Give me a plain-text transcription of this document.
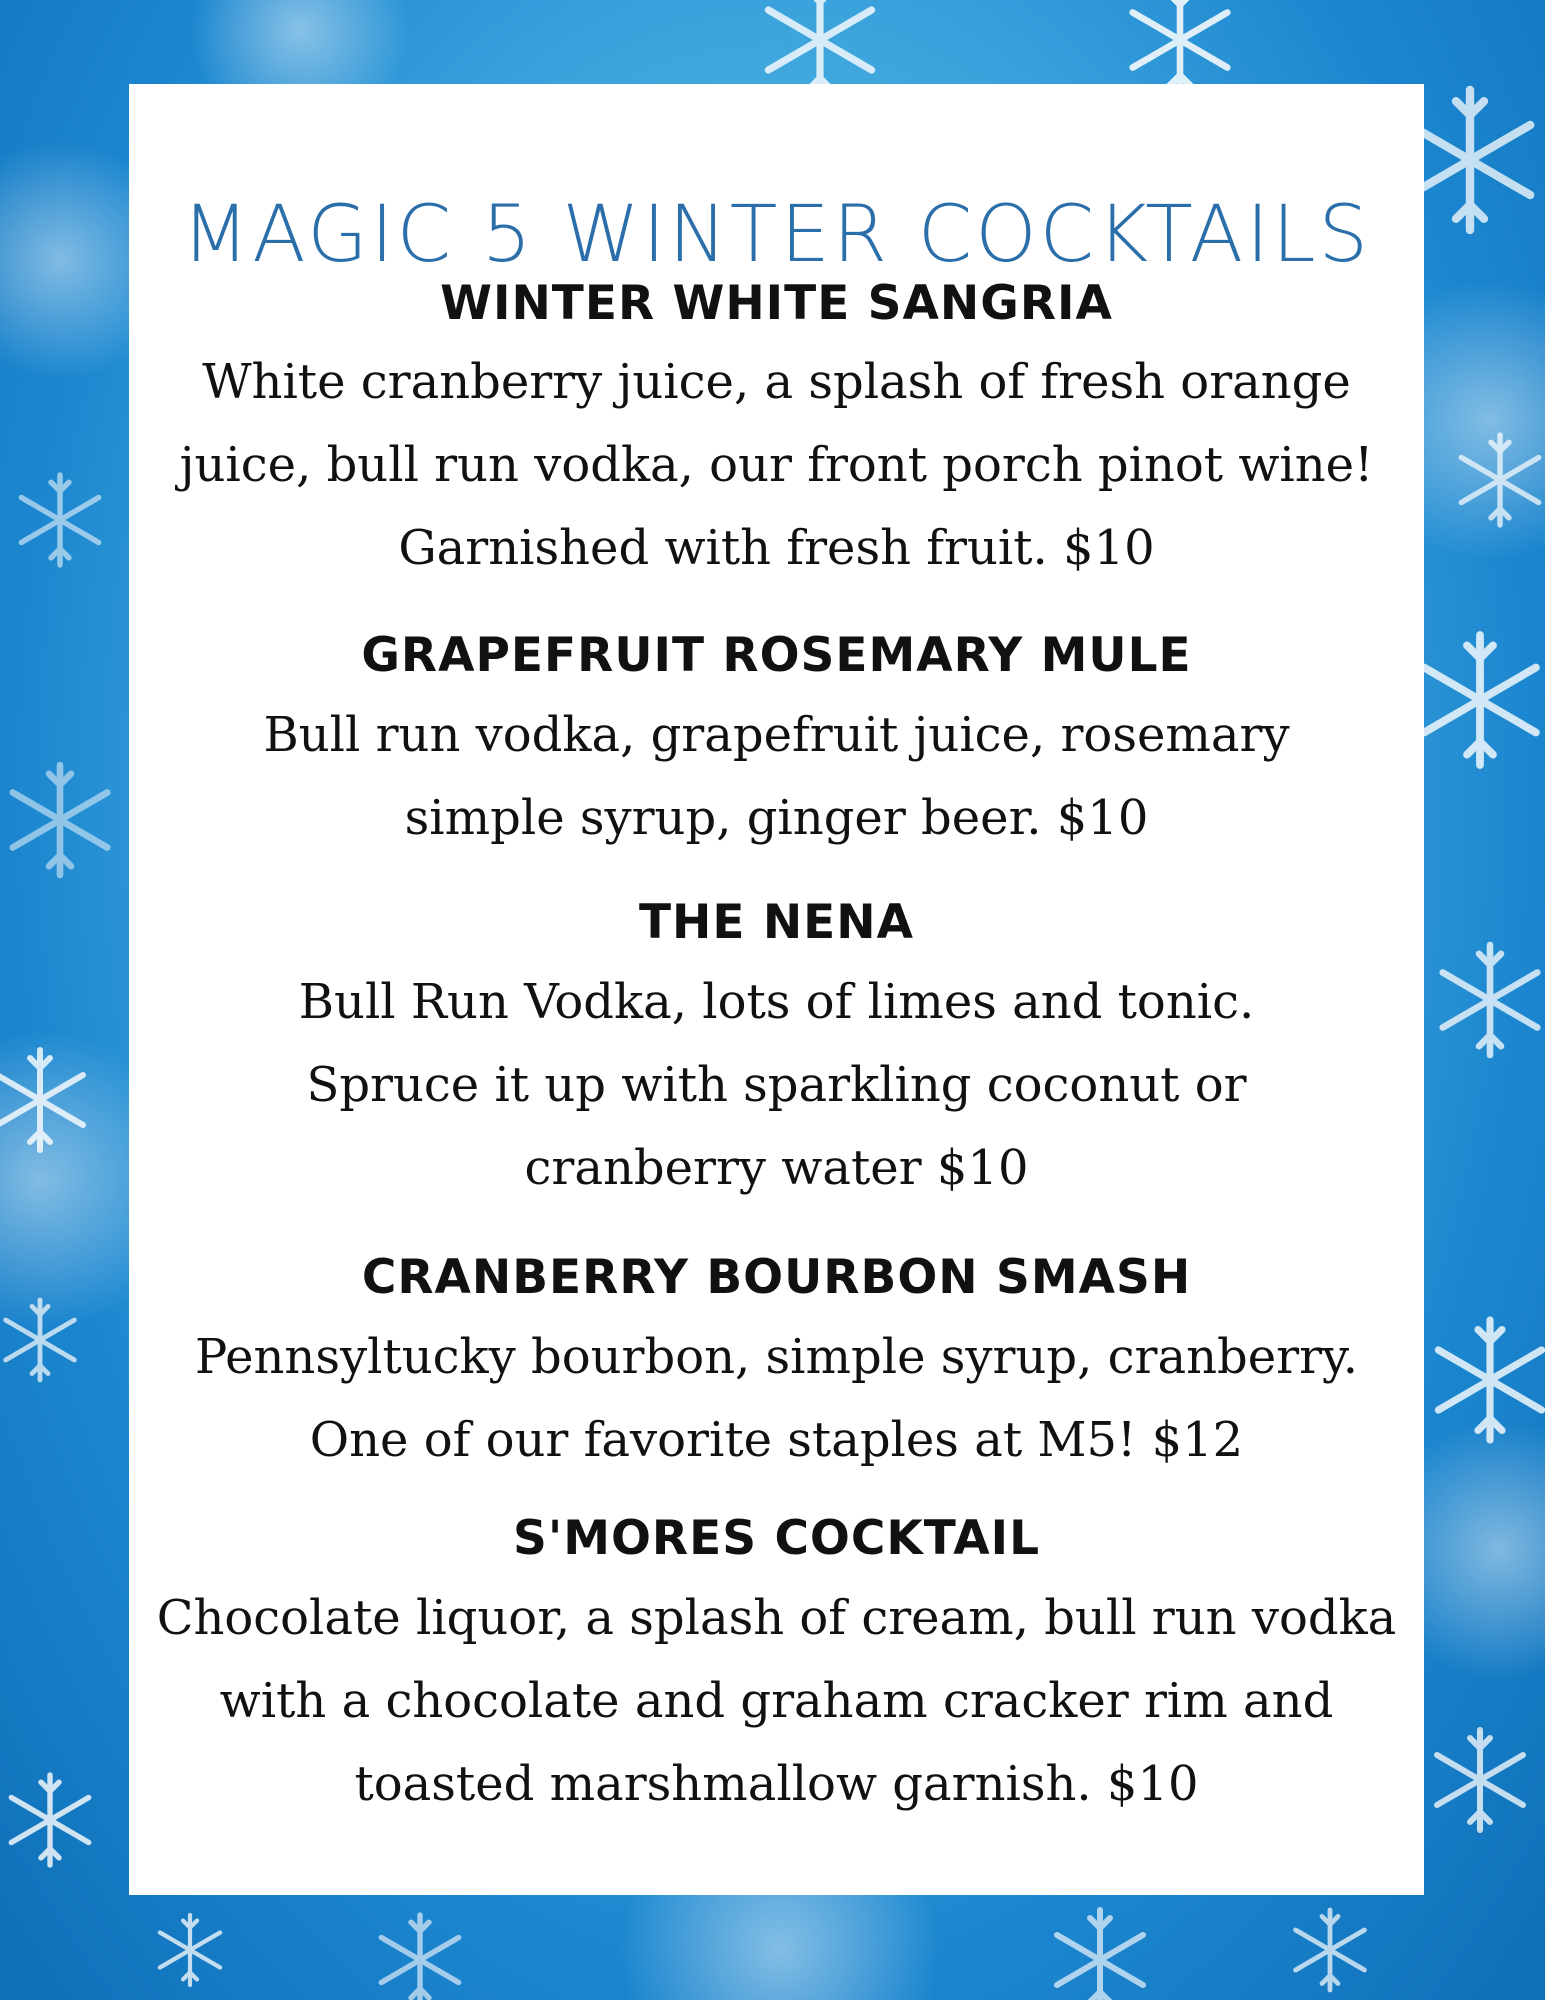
MAGIC 5 WINTER COCKTAILS
WINTER WHITE SANGRIA

White cranberry juice, a splash of fresh orange juice, bull run vodka, our front porch pinot wine! Garnished with fresh fruit. $10

GRAPEFRUIT ROSEMARY MULE

Bull run vodka, grapefruit juice, rosemary simple syrup, ginger beer. $10

THE NENA

Bull Run Vodka, lots of limes and tonic. Spruce it up with sparkling coconut or cranberry water $10

CRANBERRY BOURBON SMASH

Pennsyltucky bourbon, simple syrup, cranberry. One of our favorite staples at M5! $12

S'MORES COCKTAIL

Chocolate liquor, a splash of cream, bull run vodka with a chocolate and graham cracker rim and toasted marshmallow garnish. $10
